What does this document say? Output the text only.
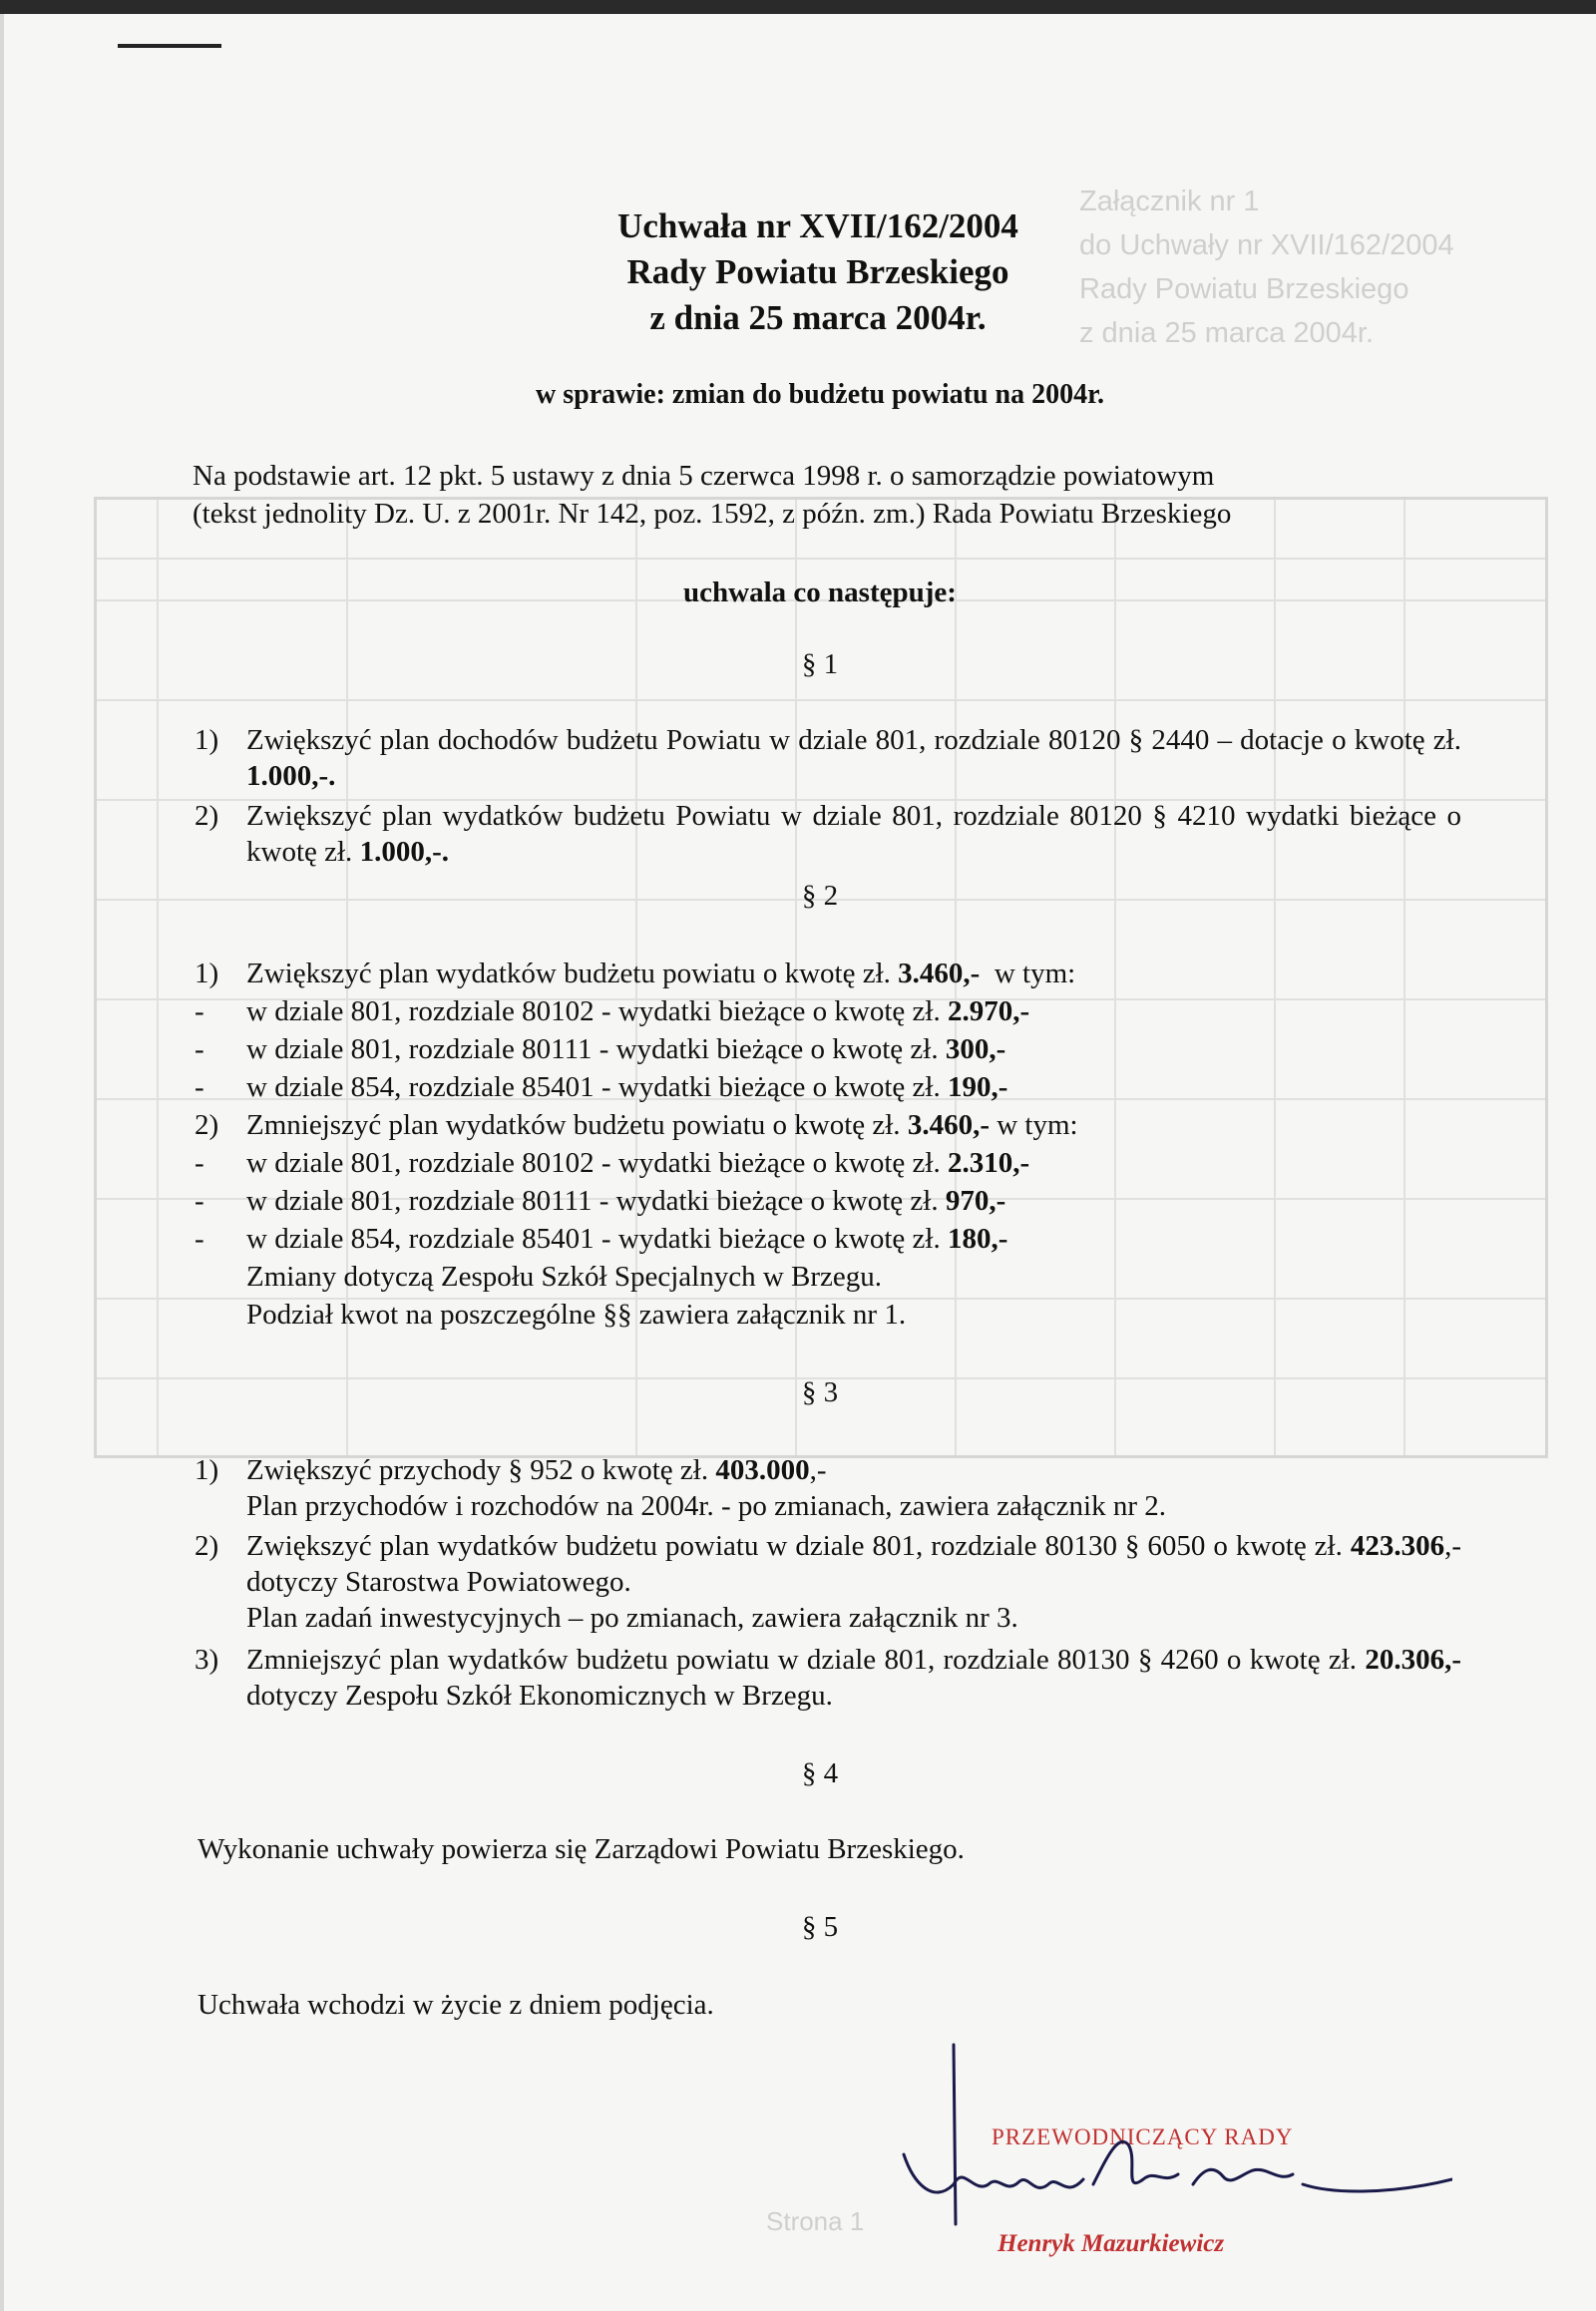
Załącznik nr 1
do Uchwały nr XVII/162/2004
Rady Powiatu Brzeskiego
z dnia 25 marca 2004r.
Strona 1
Uchwała nr XVII/162/2004
Rady Powiatu Brzeskiego
z dnia 25 marca 2004r.
w sprawie: zmian do budżetu powiatu na 2004r.
Na podstawie art. 12 pkt. 5 ustawy z dnia 5 czerwca 1998 r. o samorządzie powiatowym
(tekst jednolity Dz. U. z 2001r. Nr 142, poz. 1592, z późn. zm.) Rada Powiatu Brzeskiego
uchwala co następuje:
§ 1
1) Zwiększyć plan dochodów budżetu Powiatu w dziale 801, rozdziale 80120 § 2440 – dotacje o kwotę zł. 1.000,-.
2) Zwiększyć plan wydatków budżetu Powiatu w dziale 801, rozdziale 80120 § 4210 wydatki bieżące o kwotę zł. 1.000,-.
§ 2
1) Zwiększyć plan wydatków budżetu powiatu o kwotę zł. 3.460,-  w tym:
- w dziale 801, rozdziale 80102 - wydatki bieżące o kwotę zł. 2.970,-
- w dziale 801, rozdziale 80111 - wydatki bieżące o kwotę zł. 300,-
- w dziale 854, rozdziale 85401 - wydatki bieżące o kwotę zł. 190,-
2) Zmniejszyć plan wydatków budżetu powiatu o kwotę zł. 3.460,- w tym:
- w dziale 801, rozdziale 80102 - wydatki bieżące o kwotę zł. 2.310,-
- w dziale 801, rozdziale 80111 - wydatki bieżące o kwotę zł. 970,-
- w dziale 854, rozdziale 85401 - wydatki bieżące o kwotę zł. 180,-
Zmiany dotyczą Zespołu Szkół Specjalnych w Brzegu.
Podział kwot na poszczególne §§ zawiera załącznik nr 1.
§ 3
1) Zwiększyć przychody § 952 o kwotę zł. 403.000,-
Plan przychodów i rozchodów na 2004r. - po zmianach, zawiera załącznik nr 2.
2) Zwiększyć plan wydatków budżetu powiatu w dziale 801, rozdziale 80130 § 6050 o kwotę zł. 423.306,- dotyczy Starostwa Powiatowego.
Plan zadań inwestycyjnych – po zmianach, zawiera załącznik nr 3.
3) Zmniejszyć plan wydatków budżetu powiatu w dziale 801, rozdziale 80130 § 4260 o kwotę zł. 20.306,- dotyczy Zespołu Szkół Ekonomicznych w Brzegu.
§ 4
Wykonanie uchwały powierza się Zarządowi Powiatu Brzeskiego.
§ 5
Uchwała wchodzi w życie z dniem podjęcia.
PRZEWODNICZĄCY RADY
Henryk Mazurkiewicz
